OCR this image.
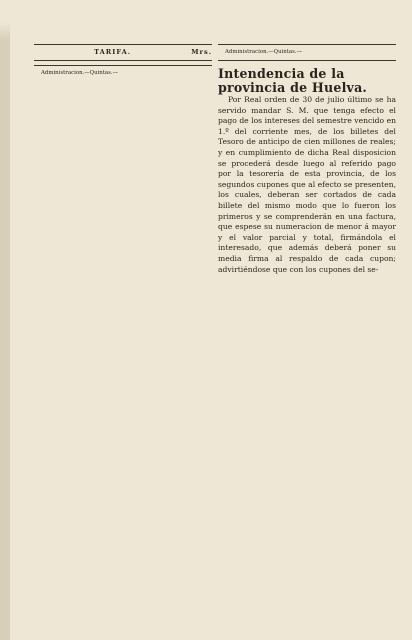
TARIFA.	Mrs.

Administracion.—Quintas.—

Administracion.—Quintas.—

Intendencia de la provincia de Huelva.

Por Real orden de 30 de julio último se ha servido mandar S. M. que tenga efecto el pago de los intereses del semestre vencido en 1.º del corriente mes, de los billetes del Tesoro de anticipo de cien millones de reales; y en cumplimiento de dicha Real disposicion se procederá desde luego al referido pago por la tesorería de esta provincia, de los segundos cupones que al efecto se presenten, los cuales, deberan ser cortados de cada billete del mismo modo que lo fueron los primeros y se comprenderán en una factura, que espese su numeracion de menor á mayor y el valor parcial y total, firmándola el interesado, que además deberá poner su media firma al respaldo de cada cupon; advirtiéndose que con los cupones del se-
